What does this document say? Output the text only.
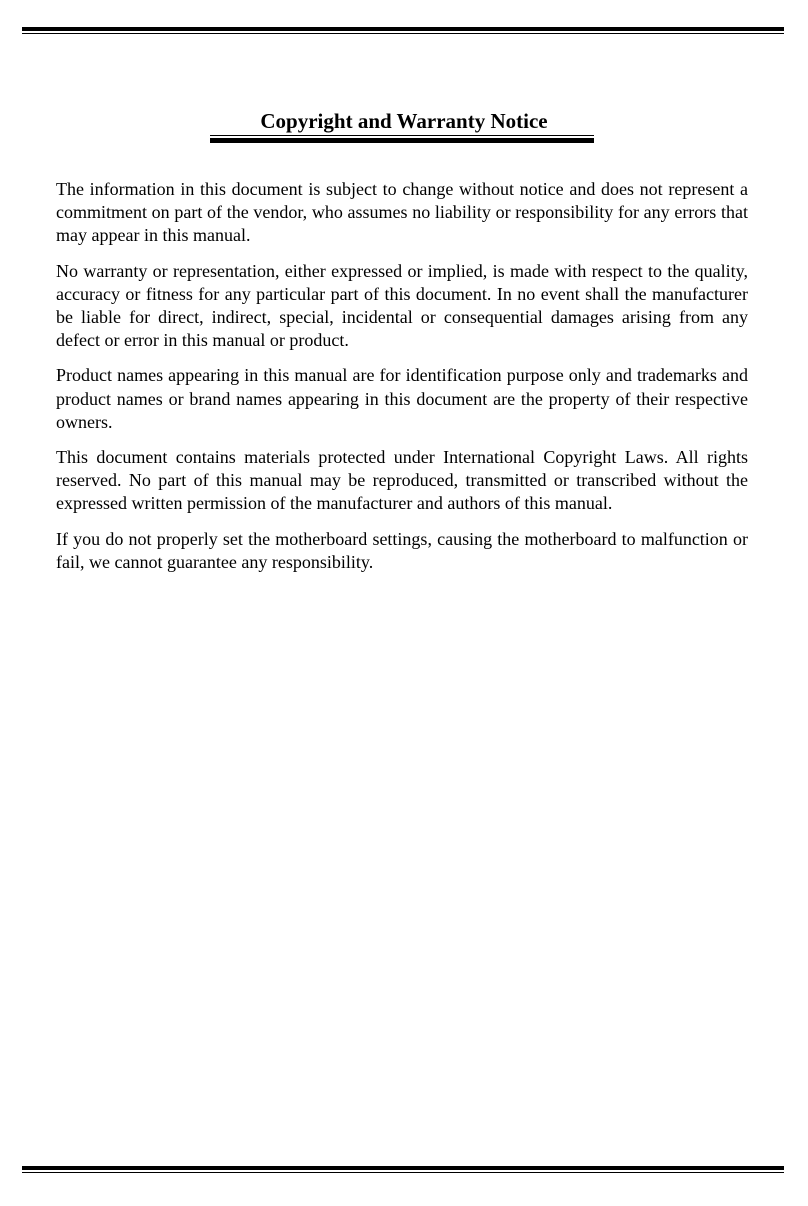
Copyright and Warranty Notice

The information in this document is subject to change without notice and does not represent a commitment on part of the vendor, who assumes no liability or responsibility for any errors that may appear in this manual.

No warranty or representation, either expressed or implied, is made with respect to the quality, accuracy or fitness for any particular part of this document. In no event shall the manufacturer be liable for direct, indirect, special, incidental or consequential damages arising from any defect or error in this manual or product.

Product names appearing in this manual are for identification purpose only and trademarks and product names or brand names appearing in this document are the property of their respective owners.

This document contains materials protected under International Copyright Laws. All rights reserved. No part of this manual may be reproduced, transmitted or transcribed without the expressed written permission of the manufacturer and authors of this manual.

If you do not properly set the motherboard settings, causing the motherboard to malfunction or fail, we cannot guarantee any responsibility.
